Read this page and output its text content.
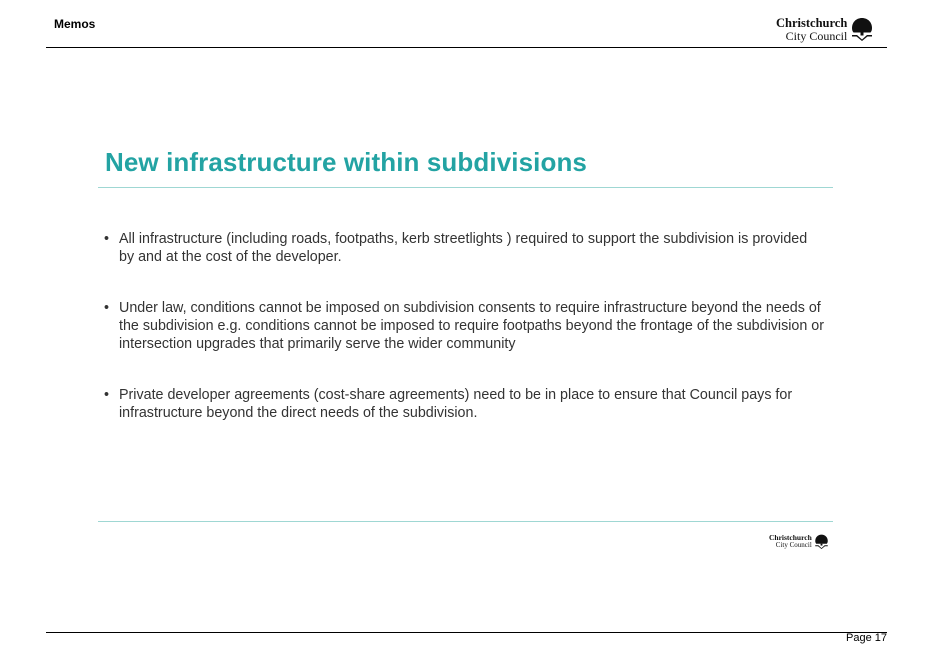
Memos	Christchurch
City Council
New infrastructure within subdivisions
• All infrastructure (including roads, footpaths, kerb streetlights ) required to support the subdivision is provided by and at the cost of the developer.
• Under law, conditions cannot be imposed on subdivision consents to require infrastructure beyond the needs of the subdivision e.g. conditions cannot be imposed to require footpaths beyond the frontage of the subdivision or intersection upgrades that primarily serve the wider community
• Private developer agreements (cost-share agreements) need to be in place to ensure that Council pays for infrastructure beyond the direct needs of the subdivision.
Christchurch
City Council
Page 17
